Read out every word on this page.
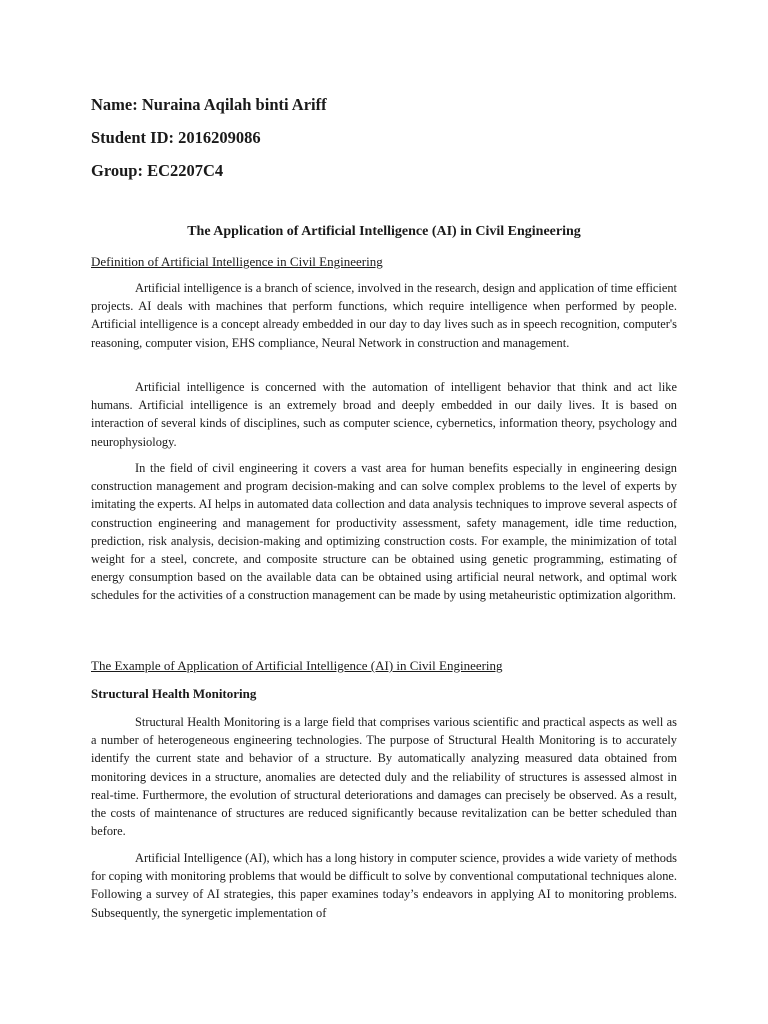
Name: Nuraina Aqilah binti Ariff
Student ID: 2016209086
Group: EC2207C4
The Application of Artificial Intelligence (AI) in Civil Engineering
Definition of Artificial Intelligence in Civil Engineering

Artificial intelligence is a branch of science, involved in the research, design and application of time efficient projects. AI deals with machines that perform functions, which require intelligence when performed by people. Artificial intelligence is a concept already embedded in our day to day lives such as in speech recognition, computer's reasoning, computer vision, EHS compliance, Neural Network in construction and management.

Artificial intelligence is concerned with the automation of intelligent behavior that think and act like humans. Artificial intelligence is an extremely broad and deeply embedded in our daily lives. It is based on interaction of several kinds of disciplines, such as computer science, cybernetics, information theory, psychology and neurophysiology.

In the field of civil engineering it covers a vast area for human benefits especially in engineering design construction management and program decision-making and can solve complex problems to the level of experts by imitating the experts. AI helps in automated data collection and data analysis techniques to improve several aspects of construction engineering and management for productivity assessment, safety management, idle time reduction, prediction, risk analysis, decision-making and optimizing construction costs. For example, the minimization of total weight for a steel, concrete, and composite structure can be obtained using genetic programming, estimating of energy consumption based on the available data can be obtained using artificial neural network, and optimal work schedules for the activities of a construction management can be made by using metaheuristic optimization algorithm.

The Example of Application of Artificial Intelligence (AI) in Civil Engineering
Structural Health Monitoring

Structural Health Monitoring is a large field that comprises various scientific and practical aspects as well as a number of heterogeneous engineering technologies. The purpose of Structural Health Monitoring is to accurately identify the current state and behavior of a structure. By automatically analyzing measured data obtained from monitoring devices in a structure, anomalies are detected duly and the reliability of structures is assessed almost in real-time. Furthermore, the evolution of structural deteriorations and damages can precisely be observed. As a result, the costs of maintenance of structures are reduced significantly because revitalization can be better scheduled than before.

Artificial Intelligence (AI), which has a long history in computer science, provides a wide variety of methods for coping with monitoring problems that would be difficult to solve by conventional computational techniques alone. Following a survey of AI strategies, this paper examines today’s endeavors in applying AI to monitoring problems. Subsequently, the synergetic implementation of
